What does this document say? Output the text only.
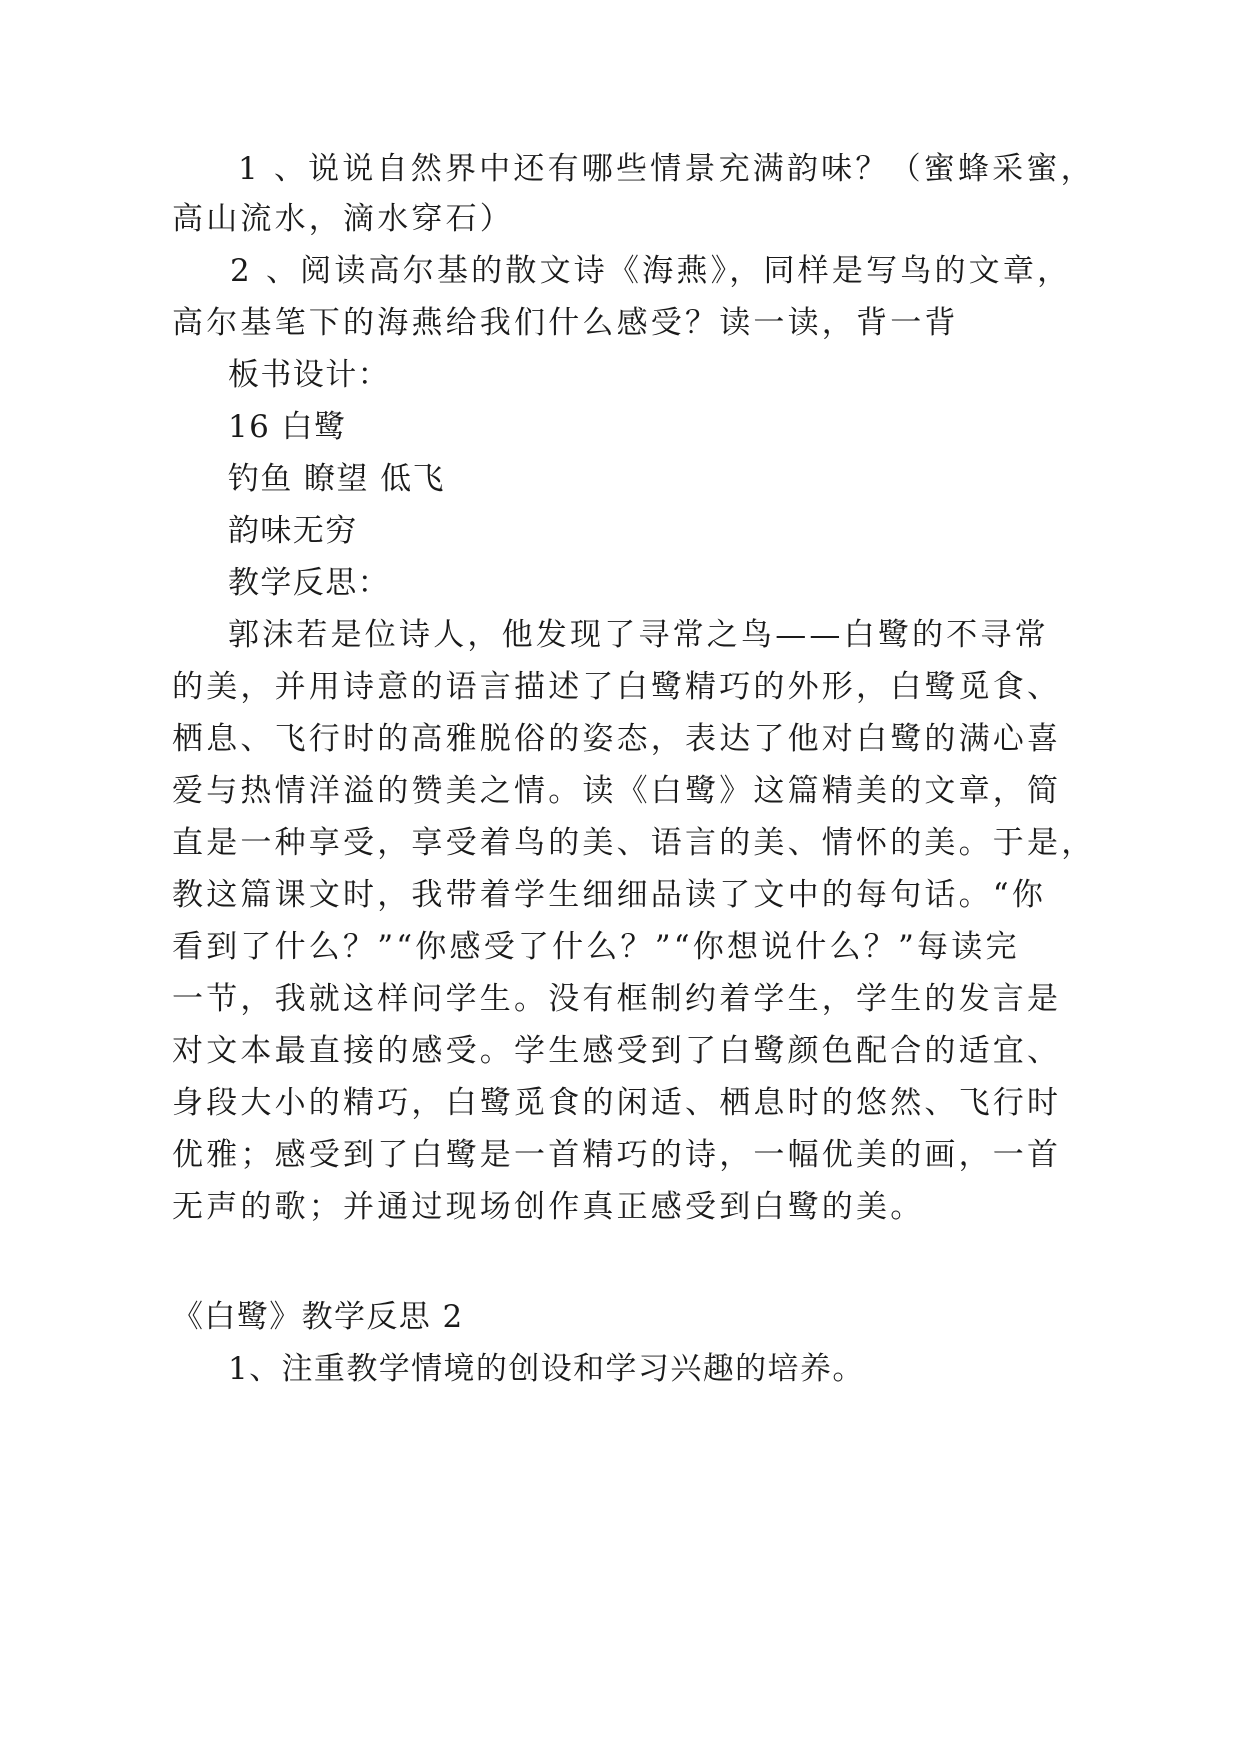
1 、说说自然界中还有哪些情景充满韵味？（蜜蜂采蜜，

高山流水，滴水穿石）

2 、阅读高尔基的散文诗《海燕》，同样是写鸟的文章，

高尔基笔下的海燕给我们什么感受？读一读，背一背

板书设计：

16 白鹭

钓鱼 瞭望 低飞

韵味无穷

教学反思：

郭沫若是位诗人，他发现了寻常之鸟——白鹭的不寻常

的美，并用诗意的语言描述了白鹭精巧的外形，白鹭觅食、

栖息、飞行时的高雅脱俗的姿态，表达了他对白鹭的满心喜

爱与热情洋溢的赞美之情。读《白鹭》这篇精美的文章，简

直是一种享受，享受着鸟的美、语言的美、情怀的美。于是，

教这篇课文时，我带着学生细细品读了文中的每句话。“你

看到了什么？”“你感受了什么？”“你想说什么？”每读完

一节，我就这样问学生。没有框制约着学生，学生的发言是

对文本最直接的感受。学生感受到了白鹭颜色配合的适宜、

身段大小的精巧，白鹭觅食的闲适、栖息时的悠然、飞行时

优雅；感受到了白鹭是一首精巧的诗，一幅优美的画，一首

无声的歌；并通过现场创作真正感受到白鹭的美。

《白鹭》教学反思 2

1、注重教学情境的创设和学习兴趣的培养。
